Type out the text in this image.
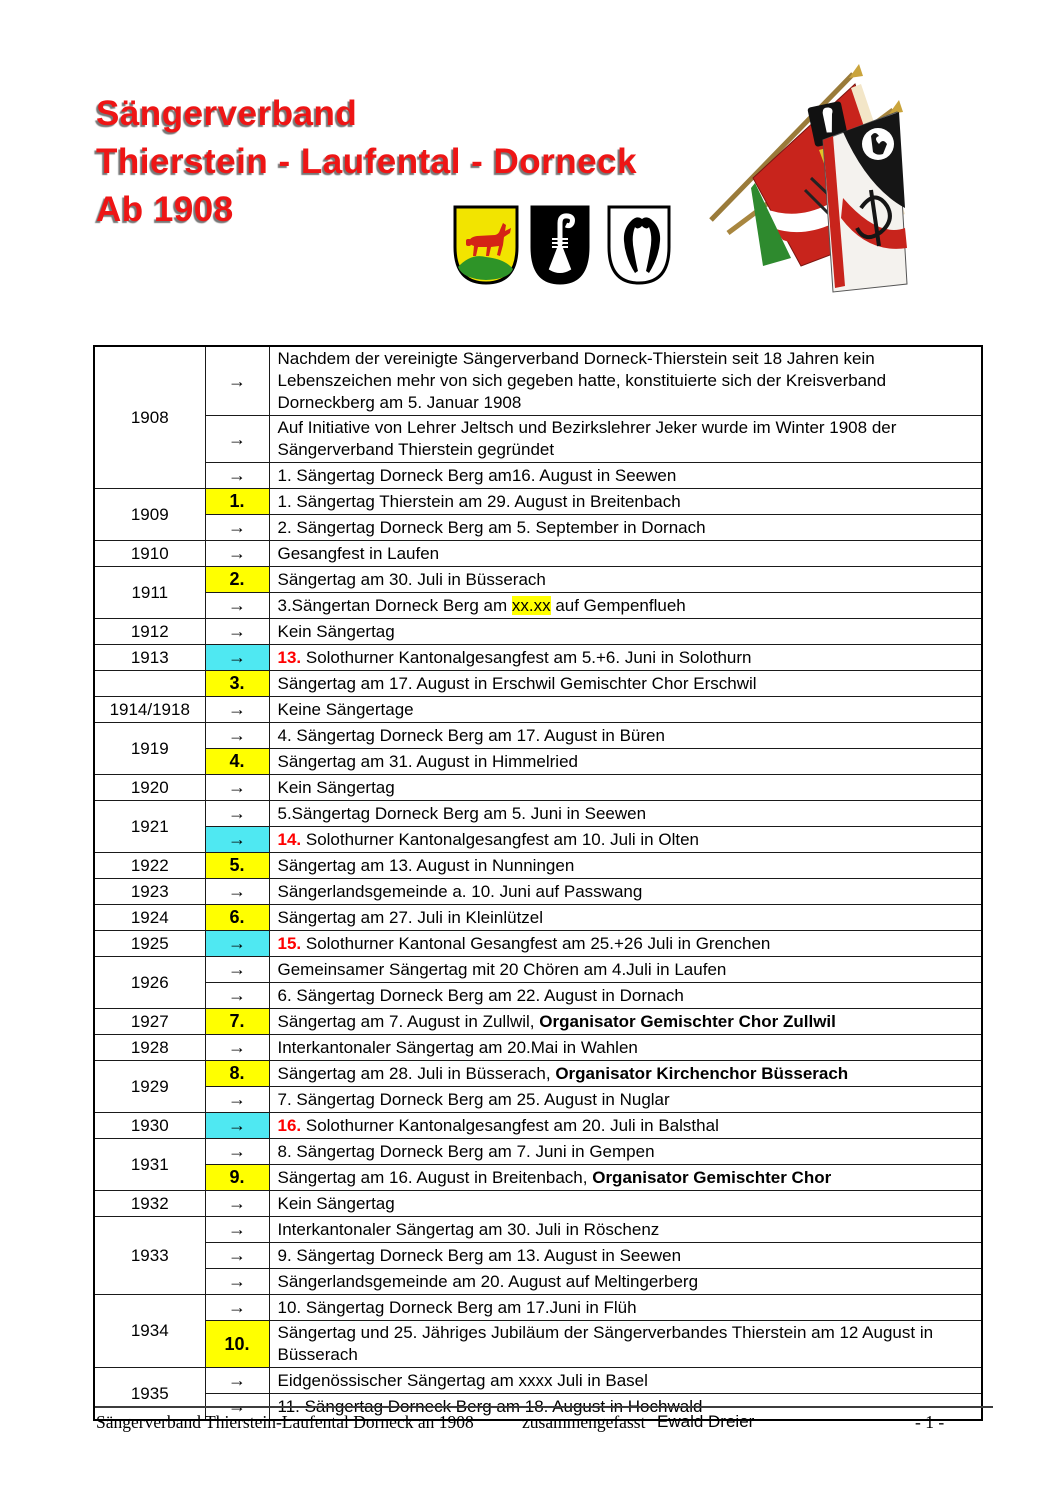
Sängerverband
Thierstein - Laufental - Dorneck
Ab 1908
1908	→	Nachdem der vereinigte Sängerverband Dorneck-Thierstein seit 18 Jahren kein Lebenszeichen mehr von sich gegeben hatte, konstituierte sich der Kreisverband Dorneckberg am 5. Januar 1908
	→	Auf Initiative von Lehrer Jeltsch und Bezirkslehrer Jeker wurde im Winter 1908 der Sängerverband Thierstein gegründet
	→	1. Sängertag Dorneck Berg am16. August in Seewen
1909	1.	1. Sängertag Thierstein am 29. August in Breitenbach
	→	2. Sängertag Dorneck Berg am 5. September in Dornach
1910	→	Gesangfest in Laufen
1911	2.	Sängertag am 30. Juli in Büsserach
	→	3.Sängertan Dorneck Berg am xx.xx auf Gempenflueh
1912	→	Kein Sängertag
1913	→	13. Solothurner Kantonalgesangfest am 5.+6. Juni in Solothurn
	3.	Sängertag am 17. August in Erschwil Gemischter Chor Erschwil
1914/1918	→	Keine Sängertage
1919	→	4. Sängertag Dorneck Berg am 17. August in Büren
	4.	Sängertag am 31. August in Himmelried
1920	→	Kein Sängertag
1921	→	5.Sängertag Dorneck Berg am 5. Juni in Seewen
	→	14. Solothurner Kantonalgesangfest am 10. Juli in Olten
1922	5.	Sängertag am 13. August in Nunningen
1923	→	Sängerlandsgemeinde a. 10. Juni auf Passwang
1924	6.	Sängertag am 27. Juli in Kleinlützel
1925	→	15. Solothurner Kantonal Gesangfest am 25.+26 Juli in Grenchen
1926	→	Gemeinsamer Sängertag mit 20 Chören am 4.Juli in Laufen
	→	6. Sängertag Dorneck Berg am 22. August in Dornach
1927	7.	Sängertag am 7. August in Zullwil, Organisator Gemischter Chor Zullwil
1928	→	Interkantonaler Sängertag am 20.Mai in Wahlen
1929	8.	Sängertag am 28. Juli in Büsserach, Organisator Kirchenchor Büsserach
	→	7. Sängertag Dorneck Berg am 25. August in Nuglar
1930	→	16. Solothurner Kantonalgesangfest am 20. Juli in Balsthal
1931	→	8. Sängertag Dorneck Berg am 7. Juni in Gempen
	9.	Sängertag am 16. August in Breitenbach, Organisator Gemischter Chor
1932	→	Kein Sängertag
1933	→	Interkantonaler Sängertag am 30. Juli in Röschenz
	→	9. Sängertag Dorneck Berg am 13. August in Seewen
	→	Sängerlandsgemeinde am 20. August auf Meltingerberg
1934	→	10. Sängertag Dorneck Berg am 17.Juni in Flüh
	10.	Sängertag und 25. Jähriges Jubiläum der Sängerverbandes Thierstein am 12 August in Büsserach
1935	→	Eidgenössischer Sängertag am xxxx Juli in Basel
	→	11. Sängertag Dorneck Berg am 18. August in Hochwald
Sängerverband Thierstein-Laufental Dorneck an 1908	zusammengefasst Ewald Dreier	- 1 -
